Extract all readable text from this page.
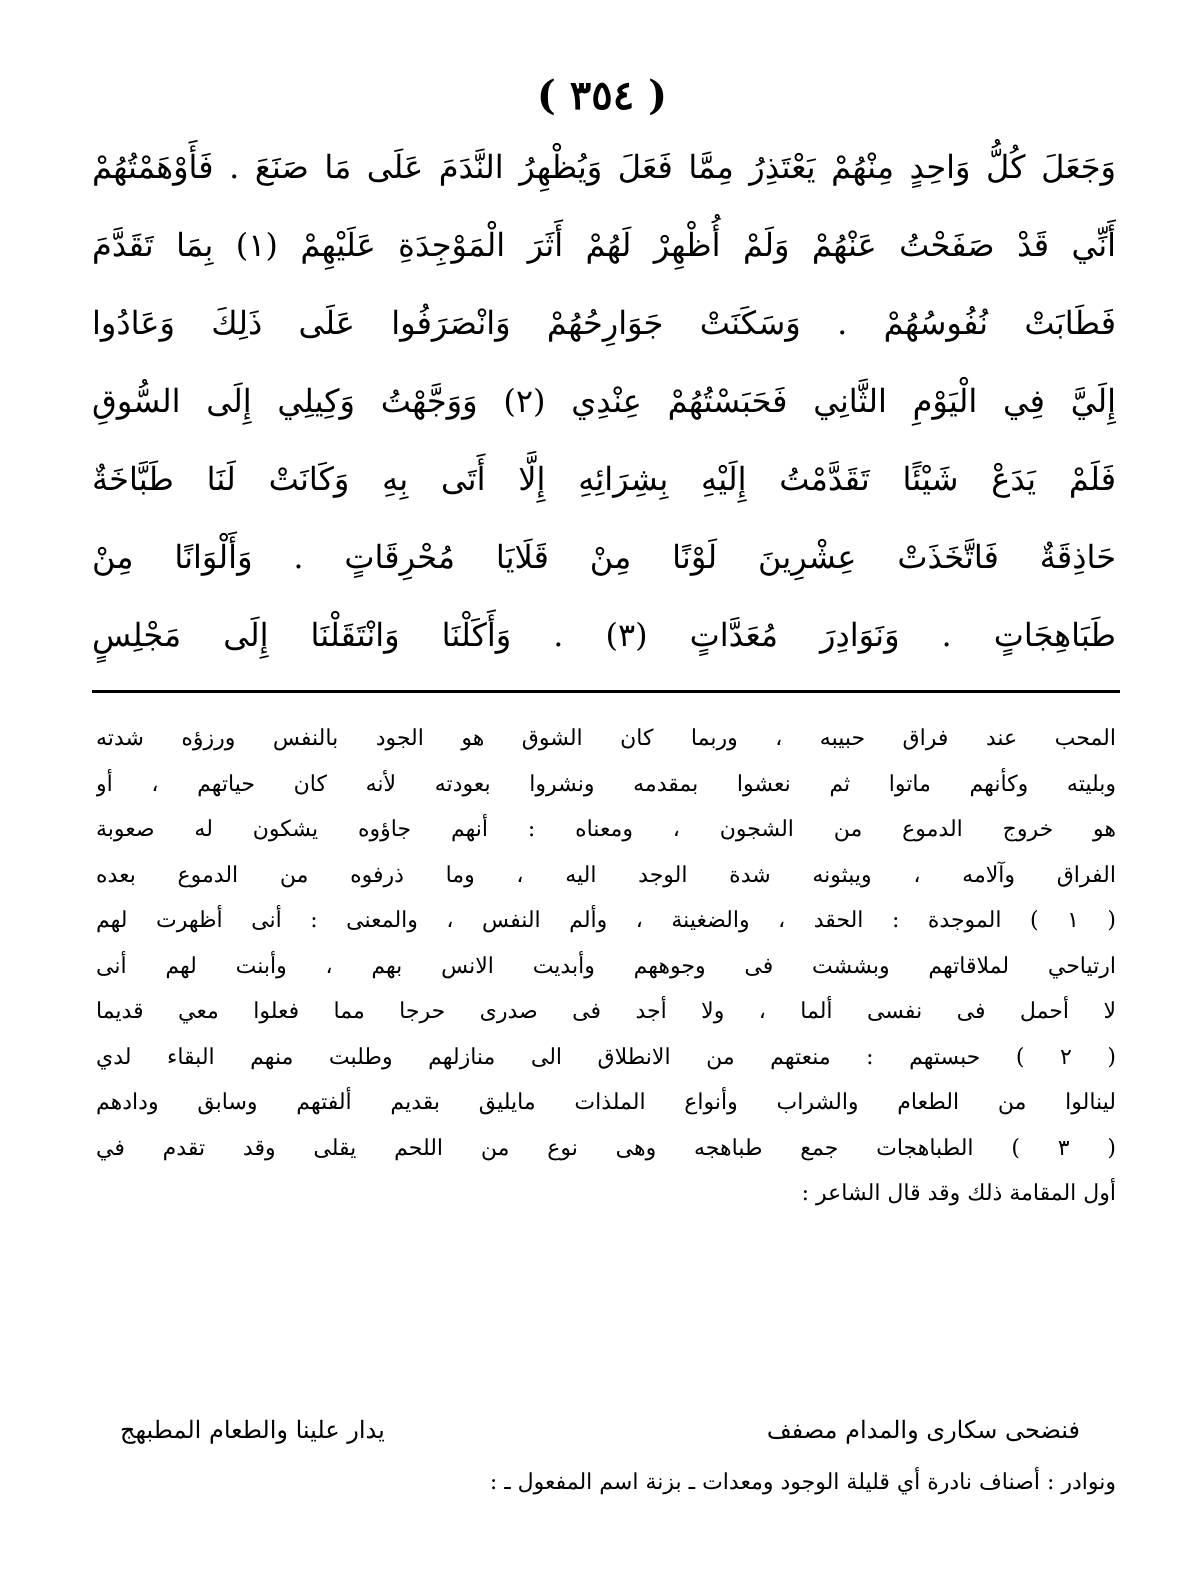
( ٣٥٤ )
وَجَعَلَ كُلُّ وَاحِدٍ مِنْهُمْ يَعْتَذِرُ مِمَّا فَعَلَ وَيُظْهِرُ النَّدَمَ عَلَى مَا صَنَعَ . فَأَوْهَمْتُهُمْ
أَنِّي قَدْ صَفَحْتُ عَنْهُمْ وَلَمْ أُظْهِرْ لَهُمْ أَثَرَ الْمَوْجِدَةِ عَلَيْهِمْ (١) بِمَا تَقَدَّمَ
فَطَابَتْ نُفُوسُهُمْ . وَسَكَنَتْ جَوَارِحُهُمْ وَانْصَرَفُوا عَلَى ذَلِكَ وَعَادُوا
إِلَيَّ فِي الْيَوْمِ الثَّانِي فَحَبَسْتُهُمْ عِنْدِي (٢) وَوَجَّهْتُ وَكِيلِي إِلَى السُّوقِ
فَلَمْ يَدَعْ شَيْئًا تَقَدَّمْتُ إِلَيْهِ بِشِرَائِهِ إِلَّا أَتَى بِهِ وَكَانَتْ لَنَا طَبَّاخَةٌ
حَاذِقَةٌ فَاتَّخَذَتْ عِشْرِينَ لَوْنًا مِنْ قَلَايَا مُحْرِقَاتٍ . وَأَلْوَانًا مِنْ
طَبَاهِجَاتٍ . وَنَوَادِرَ مُعَدَّاتٍ (٣) . وَأَكَلْنَا وَانْتَقَلْنَا إِلَى مَجْلِسٍ
المحب عند فراق حبيبه ، وربما كان الشوق هو الجود بالنفس ورزؤه شدته
وبليته وكأنهم ماتوا ثم نعشوا بمقدمه ونشروا بعودته لأنه كان حياتهم ، أو
هو خروج الدموع من الشجون ، ومعناه : أنهم جاؤوه يشكون له صعوبة
الفراق وآلامه ، ويبثونه شدة الوجد اليه ، وما ذرفوه من الدموع بعده
( ١ ) الموجدة : الحقد ، والضغينة ، وألم النفس ، والمعنى : أنى أظهرت لهم
ارتياحي لملاقاتهم وبششت فى وجوههم وأبديت الانس بهم ، وأبنت لهم أنى
لا أحمل فى نفسى ألما ، ولا أجد فى صدرى حرجا مما فعلوا معي قديما
( ٢ ) حبستهم : منعتهم من الانطلاق الى منازلهم وطلبت منهم البقاء لدي
لينالوا من الطعام والشراب وأنواع الملذات مايليق بقديم ألفتهم وسابق ودادهم
( ٣ ) الطباهجات جمع طباهجه وهى نوع من اللحم يقلى وقد تقدم في
أول المقامة ذلك وقد قال الشاعر :
فنضحى سكارى والمدام مصفف
يدار علينا والطعام المطبهج
ونوادر : أصناف نادرة أي قليلة الوجود ومعدات ـ بزنة اسم المفعول ـ :
